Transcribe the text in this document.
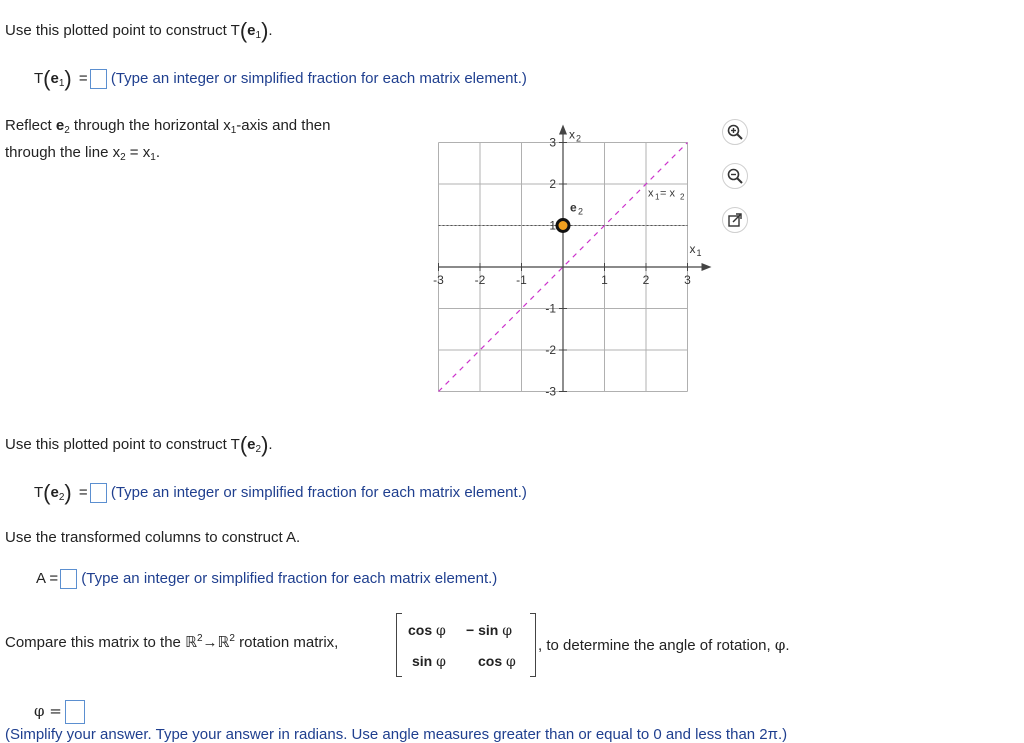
Use this plotted point to construct $T(e_1)$.
$T(e_1)$ = (Type an integer or simplified fraction for each matrix element.)
Reflect $e_2$ through the horizontal $x_1$-axis and then
through the line $x_2 = x_1$.
-3	-2	-1	1	2	3
3
2
1
-1
-2
-3
x 1
x 2
x 1 = x 2
e 2
Use this plotted point to construct $T(e_2)$.
$T(e_2)$ = (Type an integer or simplified fraction for each matrix element.)
Use the transformed columns to construct A.
A = (Type an integer or simplified fraction for each matrix element.)
Compare this matrix to the ℝ$^2$→ℝ$^2$ rotation matrix,
cos φ − sin φ
sin φ cos φ
, to determine the angle of rotation, φ.
φ =
(Simplify your answer. Type your answer in radians. Use angle measures greater than or equal to 0 and less than 2π.)
